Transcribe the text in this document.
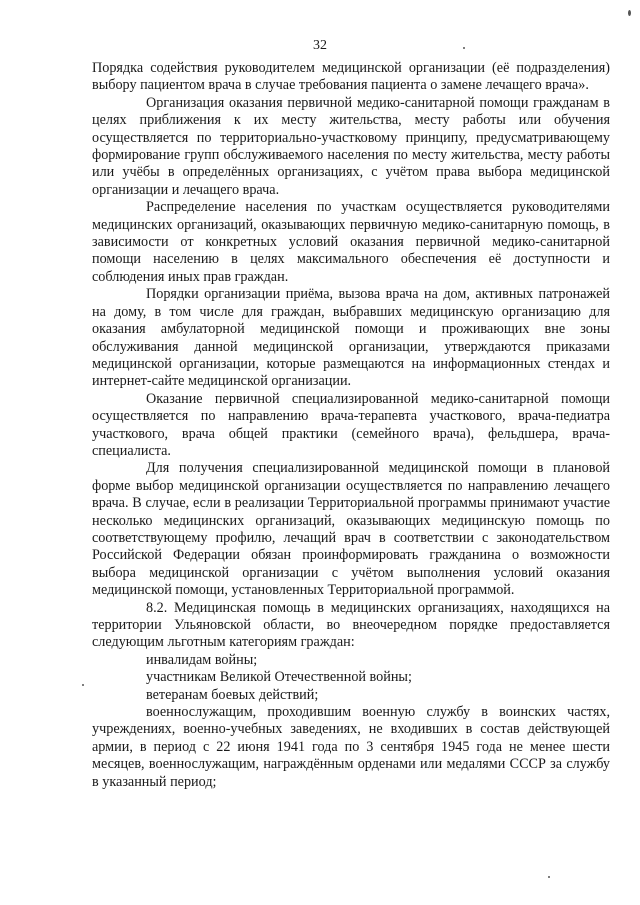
32

Порядка содействия руководителем медицинской организации (её подразделения) выбору пациентом врача в случае требования пациента о замене лечащего врача».

Организация оказания первичной медико-санитарной помощи гражданам в целях приближения к их месту жительства, месту работы или обучения осуществляется по территориально-участковому принципу, предусматривающему формирование групп обслуживаемого населения по месту жительства, месту работы или учёбы в определённых организациях, с учётом права выбора медицинской организации и лечащего врача.

Распределение населения по участкам осуществляется руководителями медицинских организаций, оказывающих первичную медико-санитарную помощь, в зависимости от конкретных условий оказания первичной медико-санитарной помощи населению в целях максимального обеспечения её доступности и соблюдения иных прав граждан.

Порядки организации приёма, вызова врача на дом, активных патронажей на дому, в том числе для граждан, выбравших медицинскую организацию для оказания амбулаторной медицинской помощи и проживающих вне зоны обслуживания данной медицинской организации, утверждаются приказами медицинской организации, которые размещаются на информационных стендах и интернет-сайте медицинской организации.

Оказание первичной специализированной медико-санитарной помощи осуществляется по направлению врача-терапевта участкового, врача-педиатра участкового, врача общей практики (семейного врача), фельдшера, врача-специалиста.

Для получения специализированной медицинской помощи в плановой форме выбор медицинской организации осуществляется по направлению лечащего врача. В случае, если в реализации Территориальной программы принимают участие несколько медицинских организаций, оказывающих медицинскую помощь по соответствующему профилю, лечащий врач в соответствии с законодательством Российской Федерации обязан проинформировать гражданина о возможности выбора медицинской организации с учётом выполнения условий оказания медицинской помощи, установленных Территориальной программой.

8.2. Медицинская помощь в медицинских организациях, находящихся на территории Ульяновской области, во внеочередном порядке предоставляется следующим льготным категориям граждан:

инвалидам войны;

участникам Великой Отечественной войны;

ветеранам боевых действий;

военнослужащим, проходившим военную службу в воинских частях, учреждениях, военно-учебных заведениях, не входивших в состав действующей армии, в период с 22 июня 1941 года по 3 сентября 1945 года не менее шести месяцев, военнослужащим, награждённым орденами или медалями СССР за службу в указанный период;
